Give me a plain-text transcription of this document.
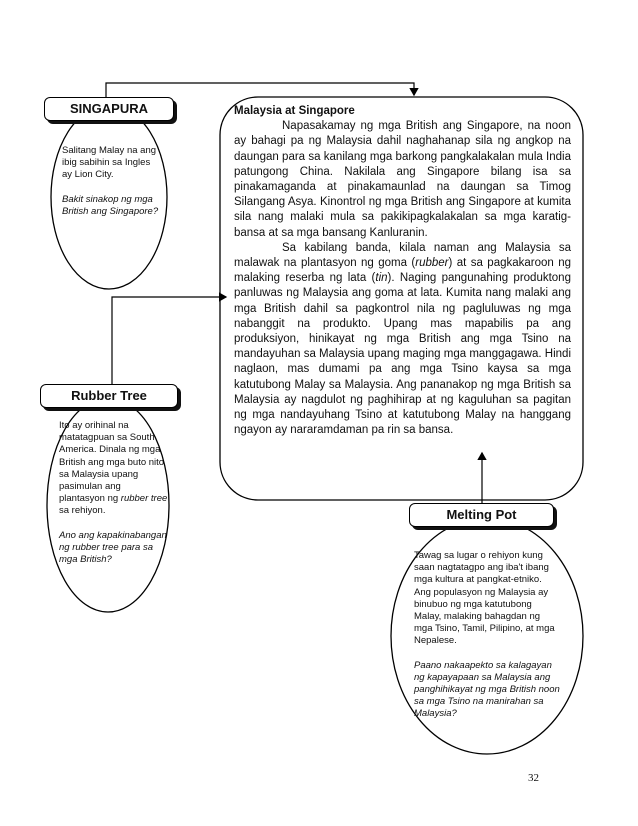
SINGAPURA
Rubber Tree
Melting Pot

Salitang Malay na ang ibig sabihin sa Ingles ay Lion City.

Bakit sinakop ng mga British ang Singapore?

Ito ay orihinal na matatagpuan sa South America. Dinala ng mga British ang mga buto nito sa Malaysia upang pasimulan ang plantasyon ng rubber tree sa rehiyon.

Ano ang kapakinabangan ng rubber tree para sa mga British?	Tawag sa lugar o rehiyon kung saan nagtatagpo ang iba't ibang mga kultura at pangkat-etniko.

Ang populasyon ng Malaysia ay binubuo ng mga katutubong Malay, malaking bahagdan ng mga Tsino, Tamil, Pilipino, at mga Nepalese.

Paano nakaapekto sa kalagayan ng kapayapaan sa Malaysia ang panghihikayat ng mga British noon sa mga Tsino na manirahan sa Malaysia?

Malaysia at Singapore

Napasakamay ng mga British ang Singapore, na noon ay bahagi pa ng Malaysia dahil naghahanap sila ng angkop na daungan para sa kanilang mga barkong pangkalakalan mula India patungong China. Nakilala ang Singapore bilang isa sa pinakamaganda at pinakamaunlad na daungan sa Timog Silangang Asya. Kinontrol ng mga British ang Singapore at kumita sila nang malaki mula sa pakikipagkalakalan sa mga karatig-bansa at sa mga bansang Kanluranin.

Sa kabilang banda, kilala naman ang Malaysia sa malawak na plantasyon ng goma (rubber) at sa pagkakaroon ng malaking reserba ng lata (tin). Naging pangunahing produktong panluwas ng Malaysia ang goma at lata. Kumita nang malaki ang mga British dahil sa pagkontrol nila ng pagluluwas ng mga nabanggit na produkto. Upang mas mapabilis pa ang produksiyon, hinikayat ng mga British ang mga Tsino na mandayuhan sa Malaysia upang maging mga manggagawa. Hindi naglaon, mas dumami pa ang mga Tsino kaysa sa mga katutubong Malay sa Malaysia. Ang pananakop ng mga British sa Malaysia ay nagdulot ng paghihirap at ng kaguluhan sa pagitan ng mga nandayuhang Tsino at katutubong Malay na hanggang ngayon ay nararamdaman pa rin sa bansa.

32
